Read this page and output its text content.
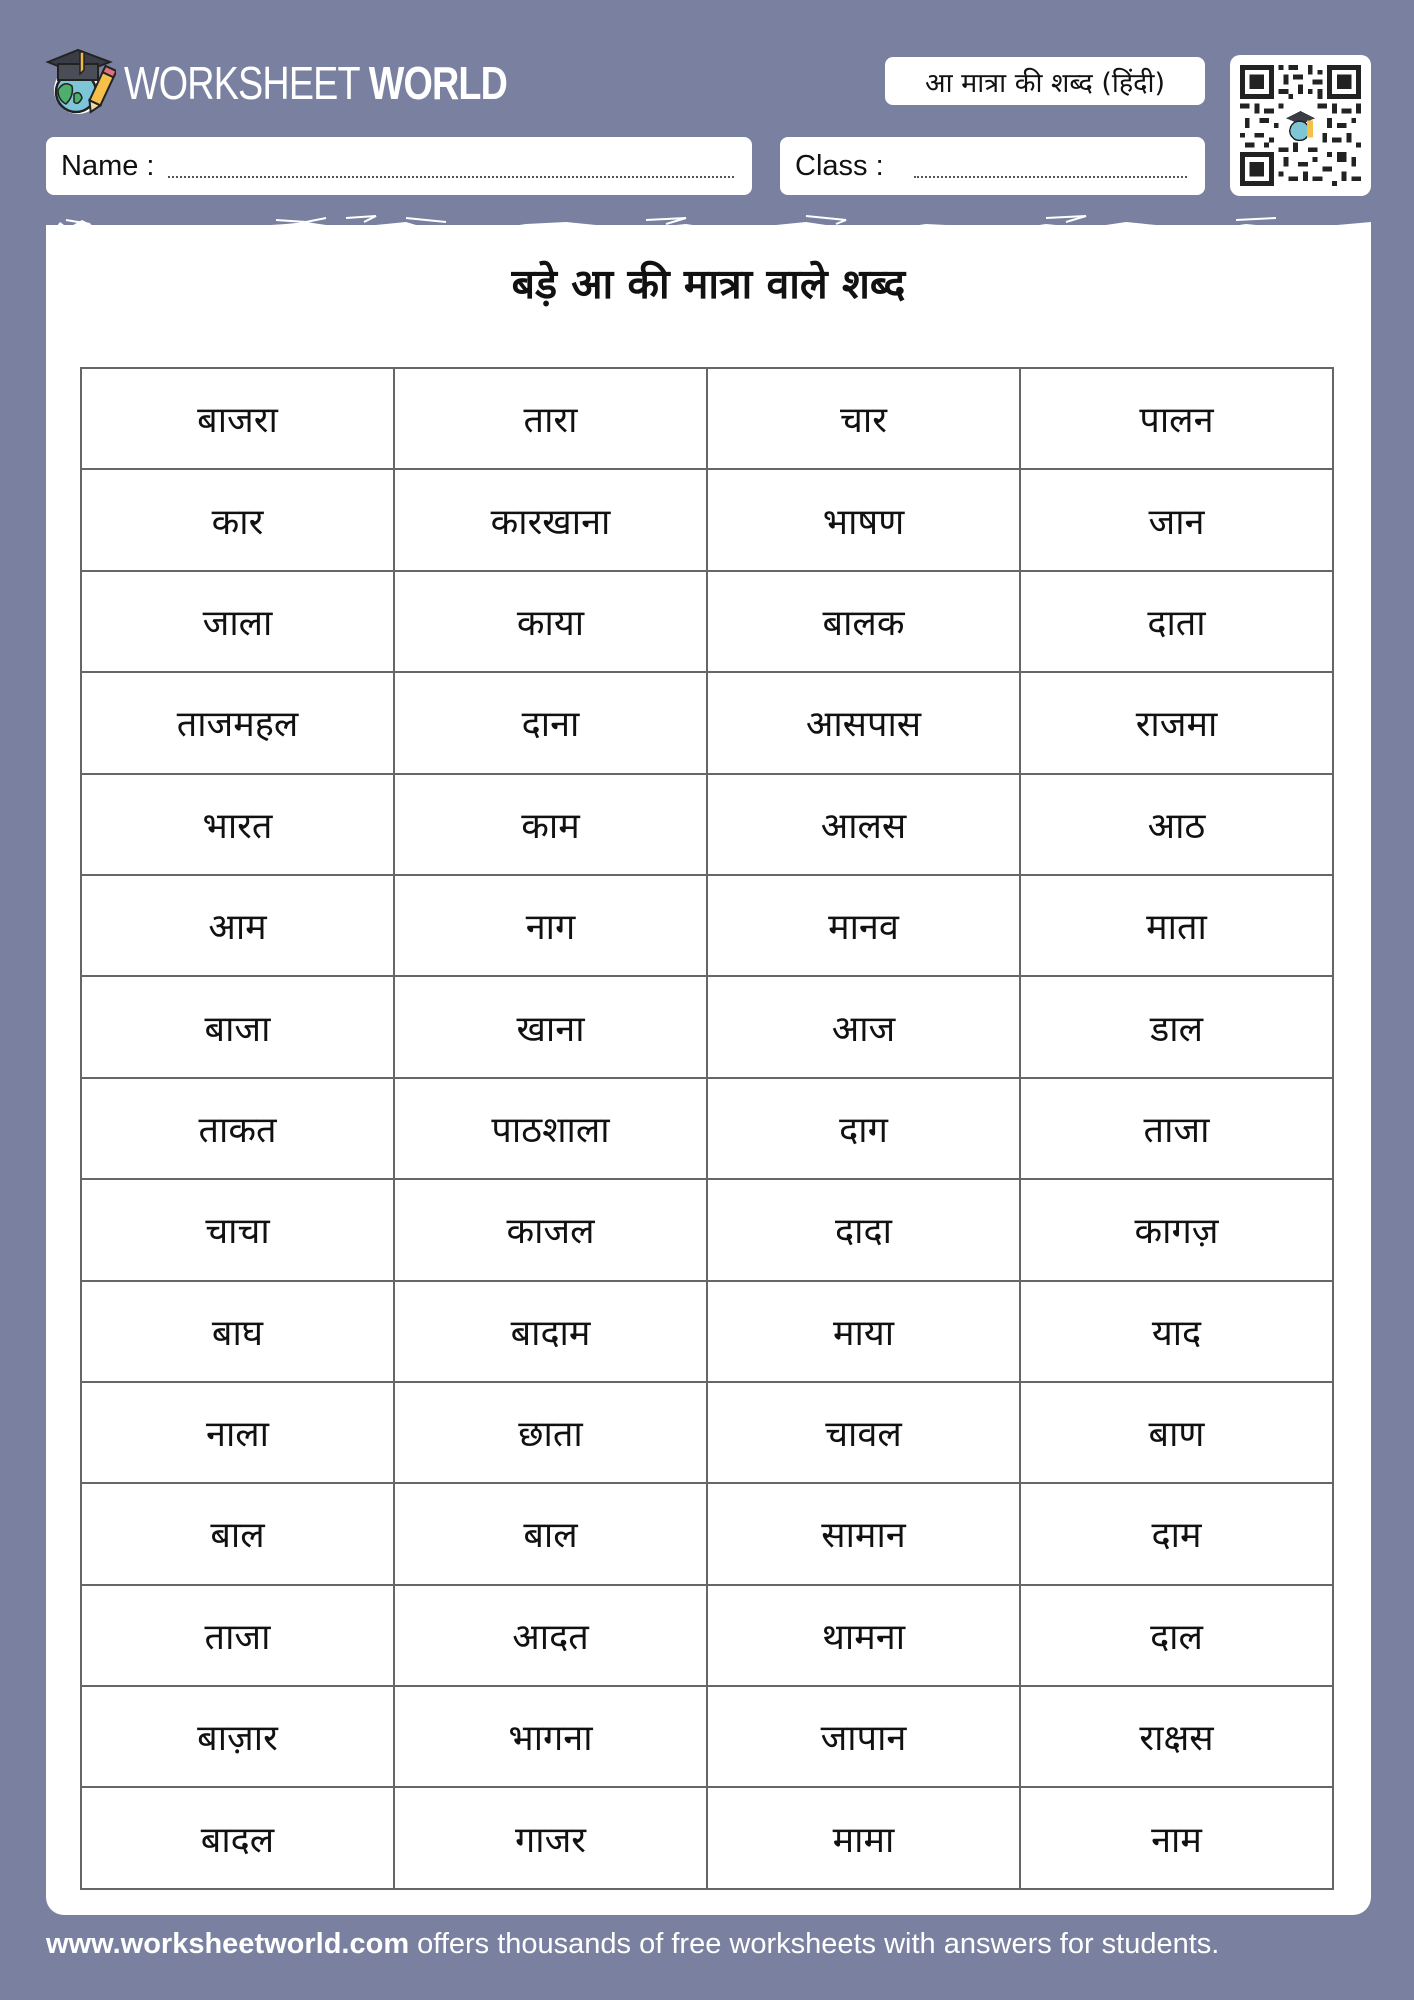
WORKSHEET WORLD	आ मात्रा की शब्द (हिंदी)
Name :	Class :
बड़े आ की मात्रा वाले शब्द
बाजरा	तारा	चार	पालन
कार	कारखाना	भाषण	जान
जाला	काया	बालक	दाता
ताजमहल	दाना	आसपास	राजमा
भारत	काम	आलस	आठ
आम	नाग	मानव	माता
बाजा	खाना	आज	डाल
ताकत	पाठशाला	दाग	ताजा
चाचा	काजल	दादा	कागज़
बाघ	बादाम	माया	याद
नाला	छाता	चावल	बाण
बाल	बाल	सामान	दाम
ताजा	आदत	थामना	दाल
बाज़ार	भागना	जापान	राक्षस
बादल	गाजर	मामा	नाम
www.worksheetworld.com offers thousands of free worksheets with answers for students.
